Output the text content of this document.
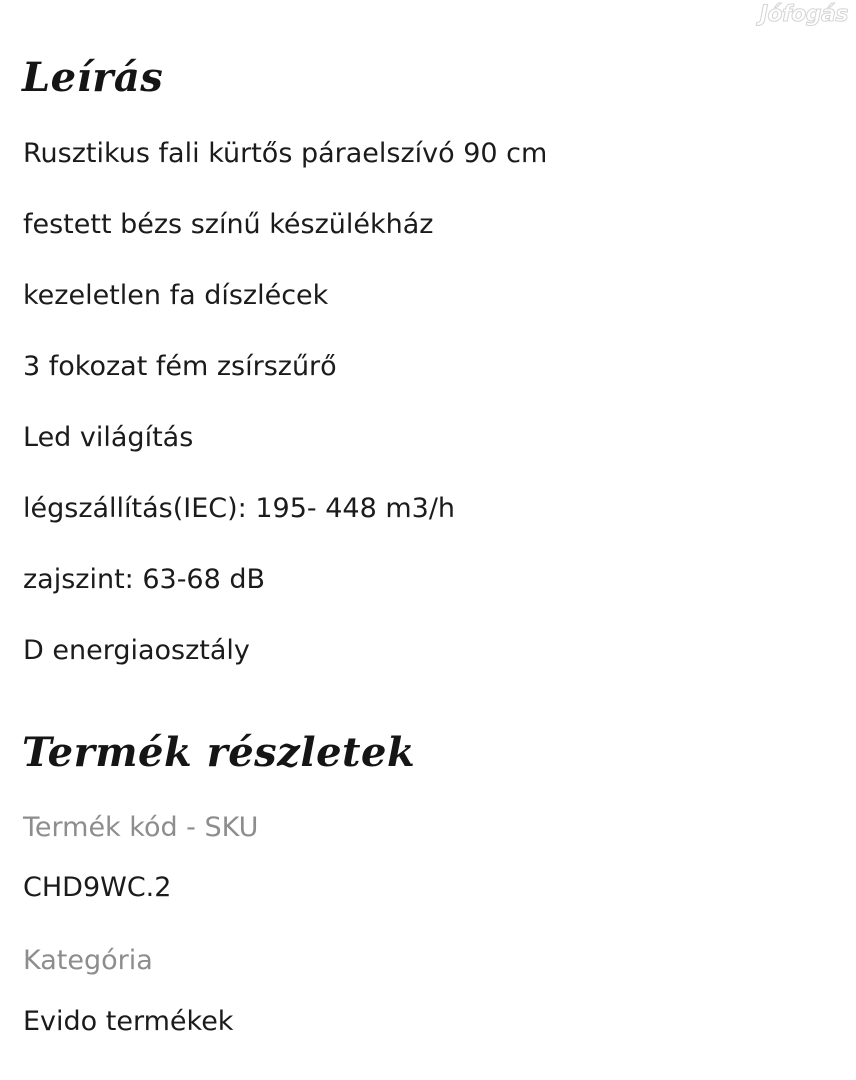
Jófogás
Leírás
Rusztikus fali kürtős páraelszívó 90 cm
festett bézs színű készülékház
kezeletlen fa díszlécek
3 fokozat fém zsírszűrő
Led világítás
légszállítás(IEC): 195- 448 m3/h
zajszint: 63-68 dB
D energiaosztály
Termék részletek
Termék kód - SKU
CHD9WC.2
Kategória
Evido termékek
